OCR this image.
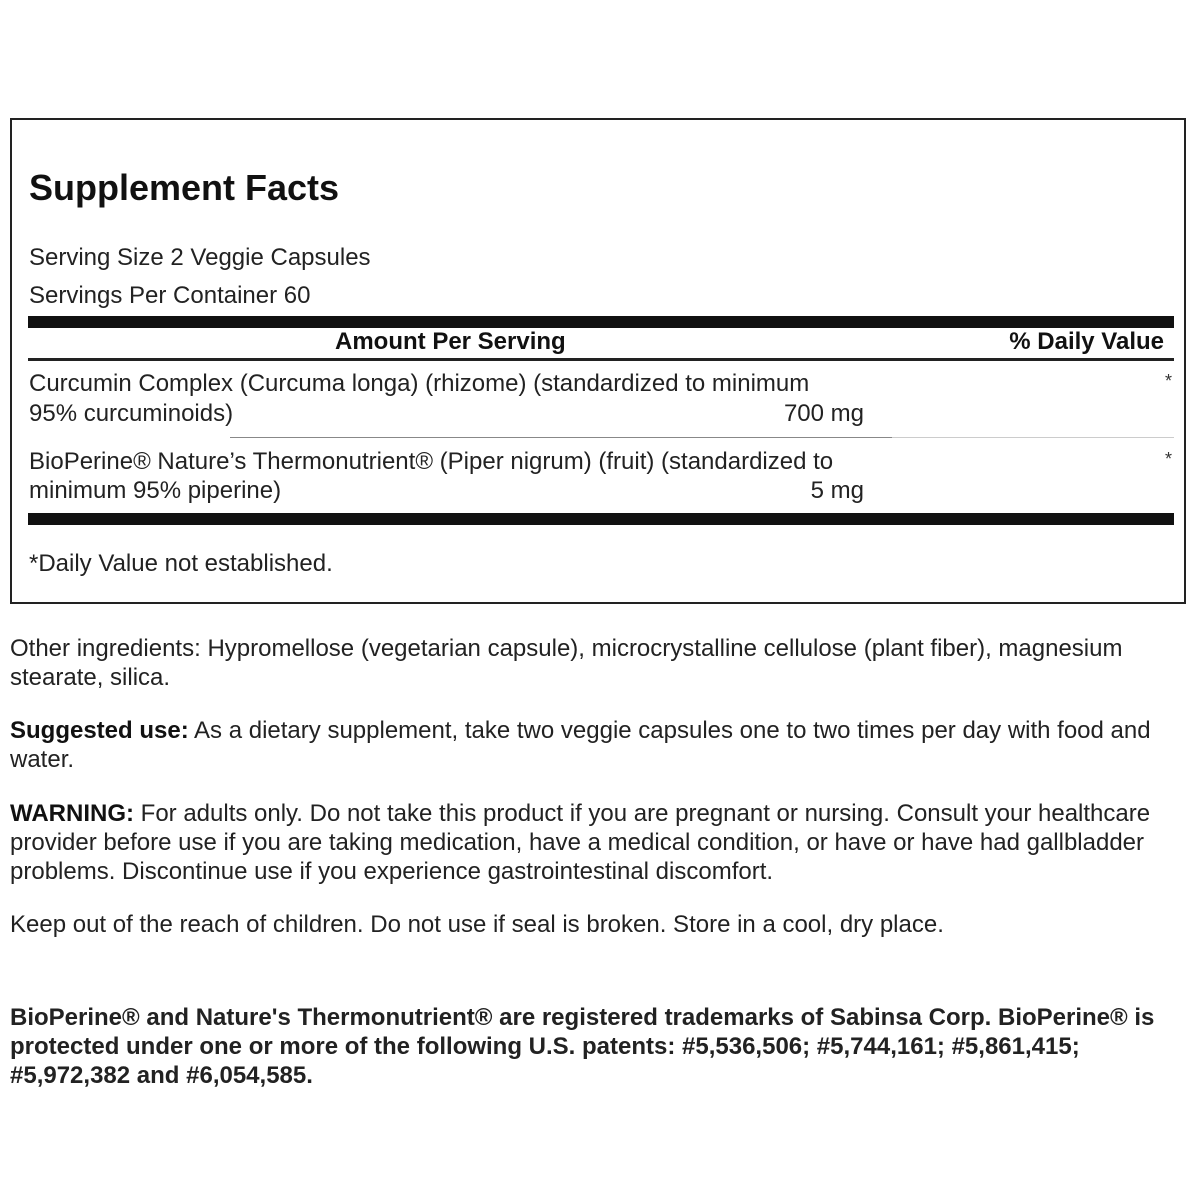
Supplement Facts
Serving Size 2 Veggie Capsules
Servings Per Container 60
Amount Per Serving	% Daily Value
Curcumin Complex (Curcuma longa) (rhizome) (standardized to minimum
95% curcuminoids)	700 mg
*
BioPerine® Nature’s Thermonutrient® (Piper nigrum) (fruit) (standardized to
minimum 95% piperine)	5 mg
*
*Daily Value not established.

Other ingredients: Hypromellose (vegetarian capsule), microcrystalline cellulose (plant fiber), magnesium stearate, silica.

Suggested use: As a dietary supplement, take two veggie capsules one to two times per day with food and water.

WARNING: For adults only. Do not take this product if you are pregnant or nursing. Consult your healthcare provider before use if you are taking medication, have a medical condition, or have or have had gallbladder problems. Discontinue use if you experience gastrointestinal discomfort.

Keep out of the reach of children. Do not use if seal is broken. Store in a cool, dry place.

BioPerine® and Nature's Thermonutrient® are registered trademarks of Sabinsa Corp. BioPerine® is protected under one or more of the following U.S. patents: #5,536,506; #5,744,161; #5,861,415; #5,972,382 and #6,054,585.
